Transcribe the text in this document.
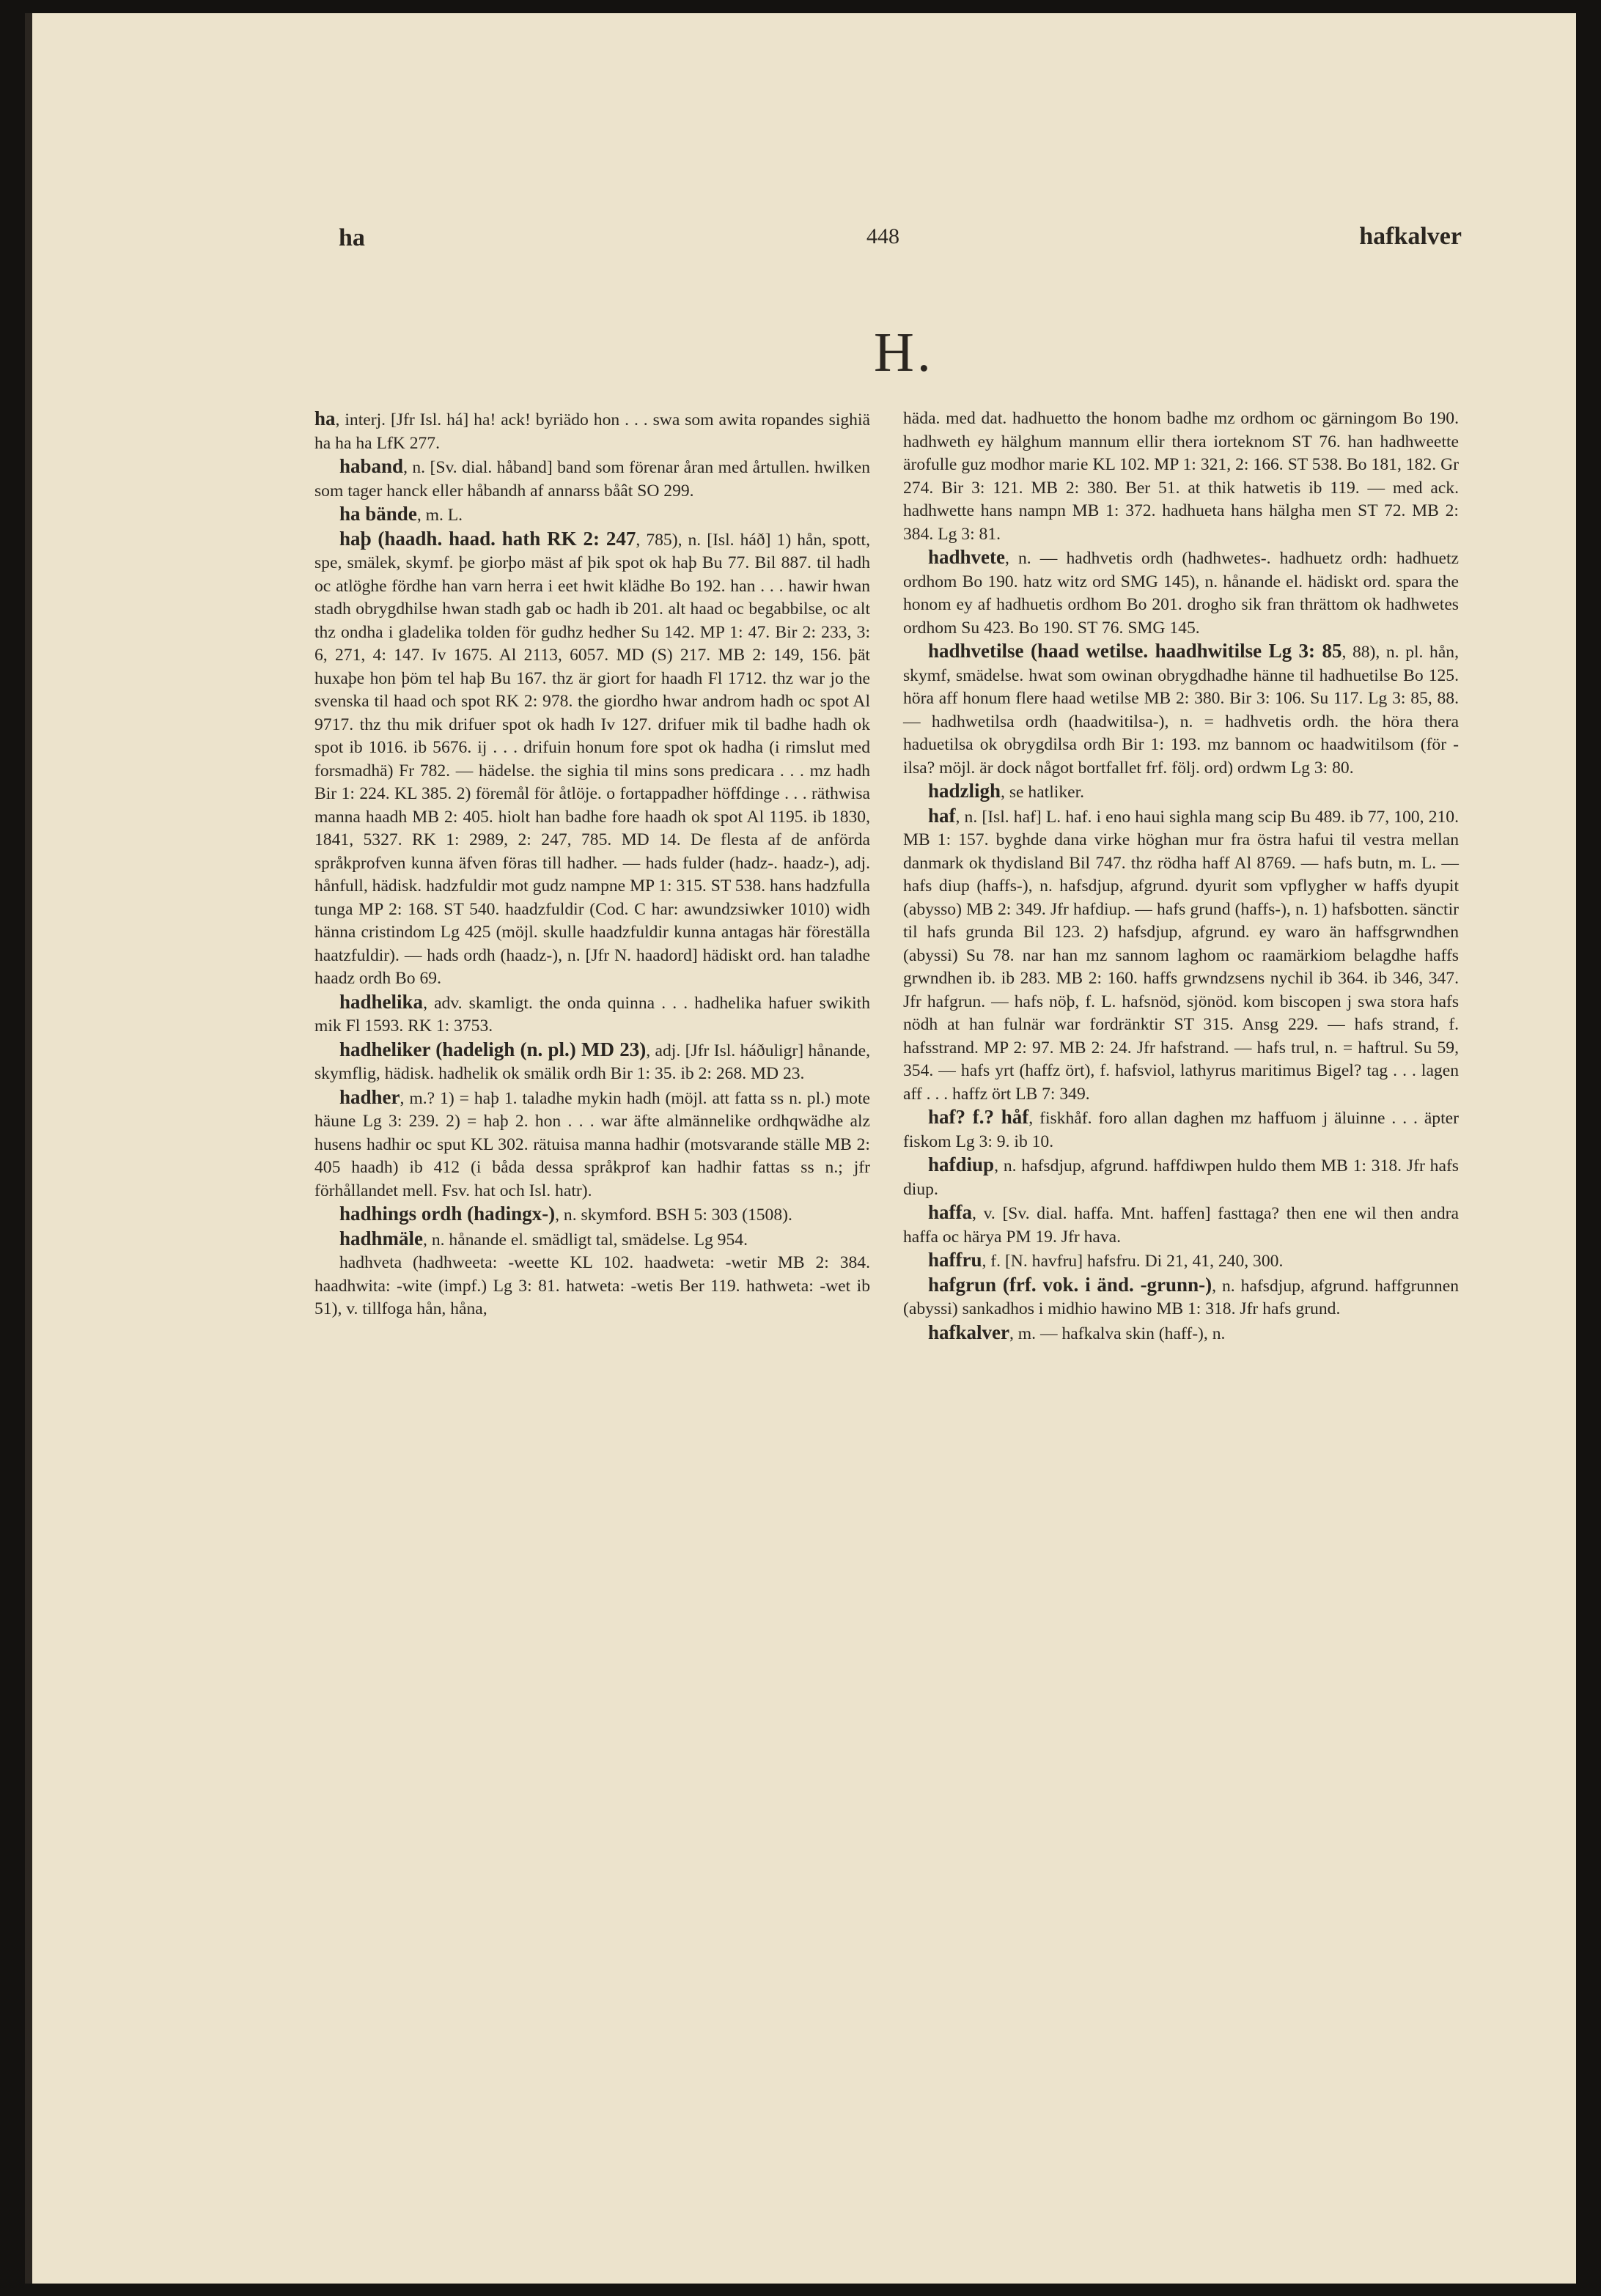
ha	448	hafkalver
H.

ha, interj. [Jfr Isl. há] ha! ack! byriädo hon . . . swa som awita ropandes sighiä ha ha ha LfK 277.

haband, n. [Sv. dial. håband] band som förenar åran med årtullen. hwilken som tager hanck eller håbandh af annarss båât SO 299.

ha bände, m. L.

haþ (haadh. haad. hath RK 2: 247, 785), n. [Isl. háð] 1) hån, spott, spe, smälek, skymf. þe giorþo mäst af þik spot ok haþ Bu 77. Bil 887. til hadh oc atlöghe fördhe han varn herra i eet hwit klädhe Bo 192. han . . . hawir hwan stadh obrygdhilse hwan stadh gab oc hadh ib 201. alt haad oc begabbilse, oc alt thz ondha i gladelika tolden för gudhz hedher Su 142. MP 1: 47. Bir 2: 233, 3: 6, 271, 4: 147. Iv 1675. Al 2113, 6057. MD (S) 217. MB 2: 149, 156. þät huxaþe hon þöm tel haþ Bu 167. thz är giort for haadh Fl 1712. thz war jo the svenska til haad och spot RK 2: 978. the giordho hwar androm hadh oc spot Al 9717. thz thu mik drifuer spot ok hadh Iv 127. drifuer mik til badhe hadh ok spot ib 1016. ib 5676. ij . . . drifuin honum fore spot ok hadha (i rimslut med forsmadhä) Fr 782. — hädelse. the sighia til mins sons predicara . . . mz hadh Bir 1: 224. KL 385. 2) föremål för åtlöje. o fortappadher höffdinge . . . räthwisa manna haadh MB 2: 405. hiolt han badhe fore haadh ok spot Al 1195. ib 1830, 1841, 5327. RK 1: 2989, 2: 247, 785. MD 14. De flesta af de anförda språkprofven kunna äfven föras till hadher. — hads fulder (hadz-. haadz-), adj. hånfull, hädisk. hadzfuldir mot gudz nampne MP 1: 315. ST 538. hans hadzfulla tunga MP 2: 168. ST 540. haadzfuldir (Cod. C har: awundzsiwker 1010) widh hänna cristindom Lg 425 (möjl. skulle haadzfuldir kunna antagas här föreställa haatzfuldir). — hads ordh (haadz-), n. [Jfr N. haadord] hädiskt ord. han taladhe haadz ordh Bo 69.

hadhelika, adv. skamligt. the onda quinna . . . hadhelika hafuer swikith mik Fl 1593. RK 1: 3753.

hadheliker (hadeligh (n. pl.) MD 23), adj. [Jfr Isl. háðuligr] hånande, skymflig, hädisk. hadhelik ok smälik ordh Bir 1: 35. ib 2: 268. MD 23.

hadher, m.? 1) = haþ 1. taladhe mykin hadh (möjl. att fatta ss n. pl.) mote häune Lg 3: 239. 2) = haþ 2. hon . . . war äfte almännelike ordhqwädhe alz husens hadhir oc sput KL 302. rätuisa manna hadhir (motsvarande ställe MB 2: 405 haadh) ib 412 (i båda dessa språkprof kan hadhir fattas ss n.; jfr förhållandet mell. Fsv. hat och Isl. hatr).

hadhings ordh (hadingx-), n. skymford. BSH 5: 303 (1508).

hadhmäle, n. hånande el. smädligt tal, smädelse. Lg 954.

hadhveta (hadhweeta: -weette KL 102. haadweta: -wetir MB 2: 384. haadhwita: -wite (impf.) Lg 3: 81. hatweta: -wetis Ber 119. hathweta: -wet ib 51), v. tillfoga hån, håna,

häda. med dat. hadhuetto the honom badhe mz ordhom oc gärningom Bo 190. hadhweth ey hälghum mannum ellir thera iorteknom ST 76. han hadhweette ärofulle guz modhor marie KL 102. MP 1: 321, 2: 166. ST 538. Bo 181, 182. Gr 274. Bir 3: 121. MB 2: 380. Ber 51. at thik hatwetis ib 119. — med ack. hadhwette hans nampn MB 1: 372. hadhueta hans hälgha men ST 72. MB 2: 384. Lg 3: 81.

hadhvete, n. — hadhvetis ordh (hadhwetes-. hadhuetz ordh: hadhuetz ordhom Bo 190. hatz witz ord SMG 145), n. hånande el. hädiskt ord. spara the honom ey af hadhuetis ordhom Bo 201. drogho sik fran thrättom ok hadhwetes ordhom Su 423. Bo 190. ST 76. SMG 145.

hadhvetilse (haad wetilse. haadhwitilse Lg 3: 85, 88), n. pl. hån, skymf, smädelse. hwat som owinan obrygdhadhe hänne til hadhuetilse Bo 125. höra aff honum flere haad wetilse MB 2: 380. Bir 3: 106. Su 117. Lg 3: 85, 88. — hadhwetilsa ordh (haadwitilsa-), n. = hadhvetis ordh. the höra thera haduetilsa ok obrygdilsa ordh Bir 1: 193. mz bannom oc haadwitilsom (för -ilsa? möjl. är dock något bortfallet frf. följ. ord) ordwm Lg 3: 80.

hadzligh, se hatliker.

haf, n. [Isl. haf] L. haf. i eno haui sighla mang scip Bu 489. ib 77, 100, 210. MB 1: 157. byghde dana virke höghan mur fra östra hafui til vestra mellan danmark ok thydisland Bil 747. thz rödha haff Al 8769. — hafs butn, m. L. — hafs diup (haffs-), n. hafsdjup, afgrund. dyurit som vpflygher w haffs dyupit (abysso) MB 2: 349. Jfr hafdiup. — hafs grund (haffs-), n. 1) hafsbotten. sänctir til hafs grunda Bil 123. 2) hafsdjup, afgrund. ey waro än haffsgrwndhen (abyssi) Su 78. nar han mz sannom laghom oc raamärkiom belagdhe haffs grwndhen ib. ib 283. MB 2: 160. haffs grwndzsens nychil ib 364. ib 346, 347. Jfr hafgrun. — hafs nöþ, f. L. hafsnöd, sjönöd. kom biscopen j swa stora hafs nödh at han fulnär war fordränktir ST 315. Ansg 229. — hafs strand, f. hafsstrand. MP 2: 97. MB 2: 24. Jfr hafstrand. — hafs trul, n. = haftrul. Su 59, 354. — hafs yrt (haffz ört), f. hafsviol, lathyrus maritimus Bigel? tag . . . lagen aff . . . haffz ört LB 7: 349.

haf? f.? håf, fiskhåf. foro allan daghen mz haffuom j äluinne . . . äpter fiskom Lg 3: 9. ib 10.

hafdiup, n. hafsdjup, afgrund. haffdiwpen huldo them MB 1: 318. Jfr hafs diup.

haffa, v. [Sv. dial. haffa. Mnt. haffen] fasttaga? then ene wil then andra haffa oc härya PM 19. Jfr hava.

haffru, f. [N. havfru] hafsfru. Di 21, 41, 240, 300.

hafgrun (frf. vok. i änd. -grunn-), n. hafsdjup, afgrund. haffgrunnen (abyssi) sankadhos i midhio hawino MB 1: 318. Jfr hafs grund.

hafkalver, m. — hafkalva skin (haff-), n.
